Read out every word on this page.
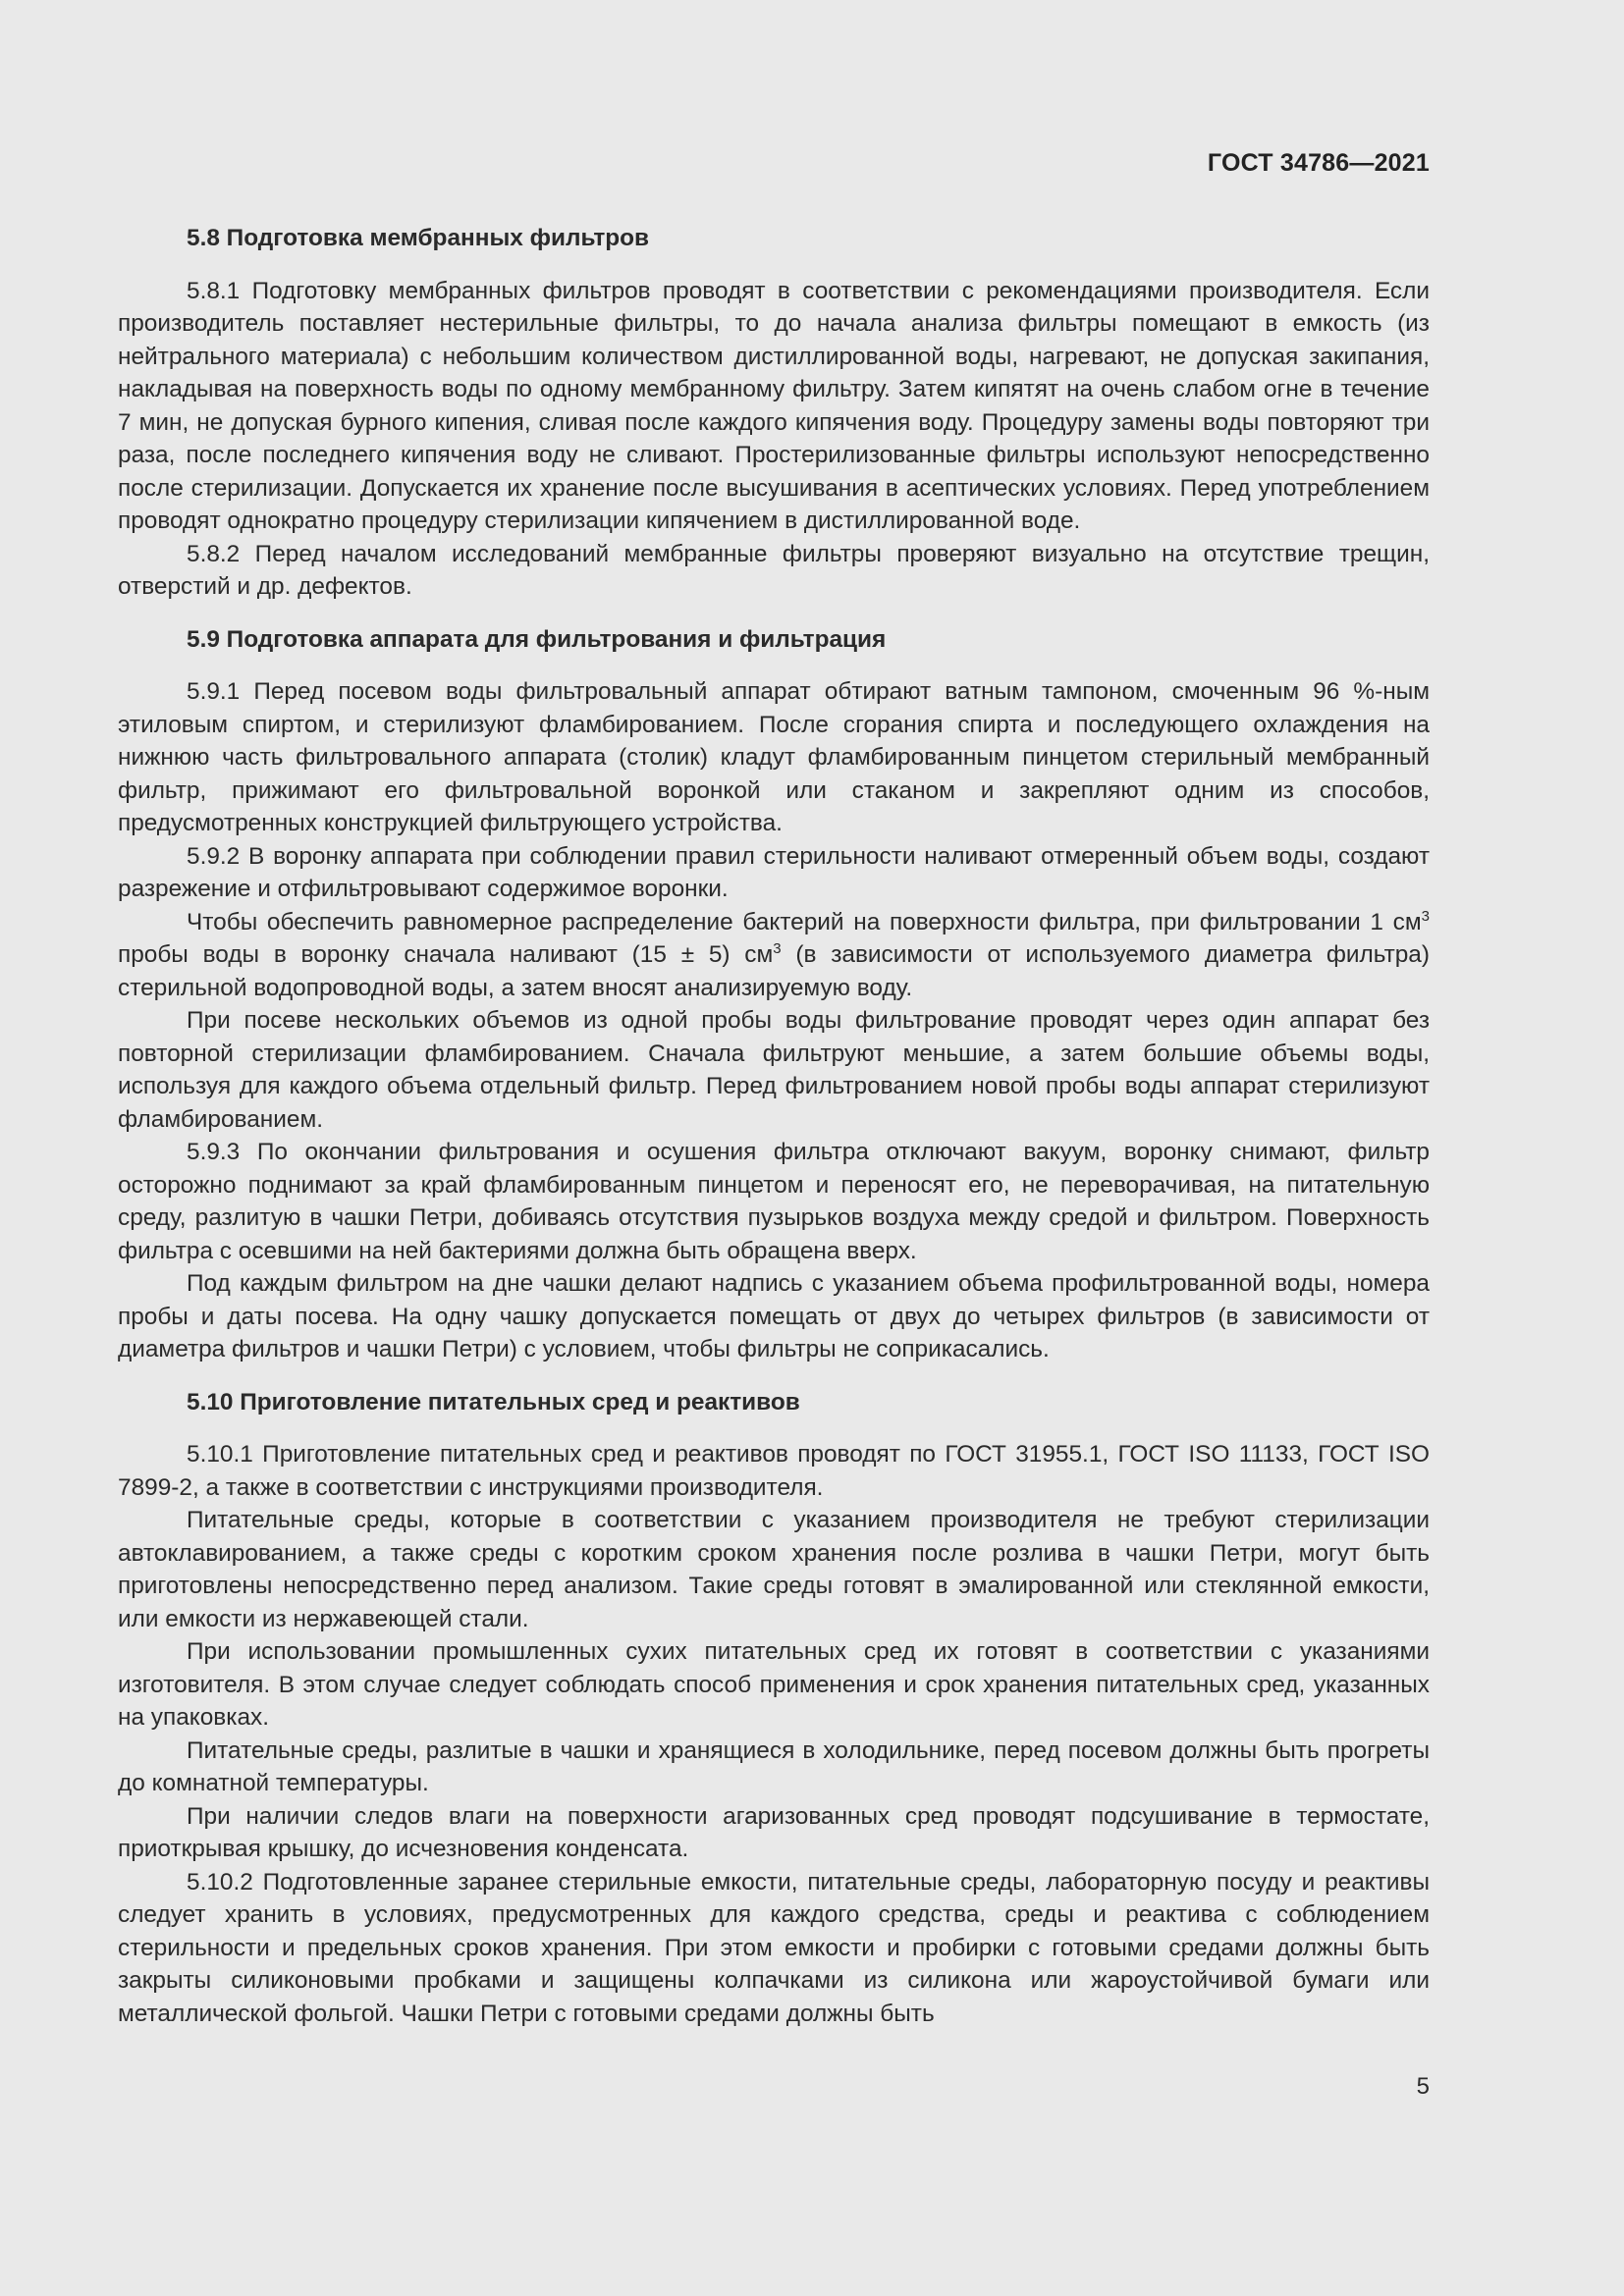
ГОСТ 34786—2021
5.8 Подготовка мембранных фильтров

5.8.1 Подготовку мембранных фильтров проводят в соответствии с рекомендациями производителя. Если производитель поставляет нестерильные фильтры, то до начала анализа фильтры помещают в емкость (из нейтрального материала) с небольшим количеством дистиллированной воды, нагревают, не допуская закипания, накладывая на поверхность воды по одному мембранному фильтру. Затем кипятят на очень слабом огне в течение 7 мин, не допуская бурного кипения, сливая после каждого кипячения воду. Процедуру замены воды повторяют три раза, после последнего кипячения воду не сливают. Простерилизованные фильтры используют непосредственно после стерилизации. Допускается их хранение после высушивания в асептических условиях. Перед употреблением проводят однократно процедуру стерилизации кипячением в дистиллированной воде.

5.8.2 Перед началом исследований мембранные фильтры проверяют визуально на отсутствие трещин, отверстий и др. дефектов.

5.9 Подготовка аппарата для фильтрования и фильтрация

5.9.1 Перед посевом воды фильтровальный аппарат обтирают ватным тампоном, смоченным 96 %-ным этиловым спиртом, и стерилизуют фламбированием. После сгорания спирта и последующего охлаждения на нижнюю часть фильтровального аппарата (столик) кладут фламбированным пинцетом стерильный мембранный фильтр, прижимают его фильтровальной воронкой или стаканом и закрепляют одним из способов, предусмотренных конструкцией фильтрующего устройства.

5.9.2 В воронку аппарата при соблюдении правил стерильности наливают отмеренный объем воды, создают разрежение и отфильтровывают содержимое воронки.

Чтобы обеспечить равномерное распределение бактерий на поверхности фильтра, при фильтровании 1 $см^3$ пробы воды в воронку сначала наливают (15 ± 5) $см^3$ (в зависимости от используемого диаметра фильтра) стерильной водопроводной воды, а затем вносят анализируемую воду.

При посеве нескольких объемов из одной пробы воды фильтрование проводят через один аппарат без повторной стерилизации фламбированием. Сначала фильтруют меньшие, а затем большие объемы воды, используя для каждого объема отдельный фильтр. Перед фильтрованием новой пробы воды аппарат стерилизуют фламбированием.

5.9.3 По окончании фильтрования и осушения фильтра отключают вакуум, воронку снимают, фильтр осторожно поднимают за край фламбированным пинцетом и переносят его, не переворачивая, на питательную среду, разлитую в чашки Петри, добиваясь отсутствия пузырьков воздуха между средой и фильтром. Поверхность фильтра с осевшими на ней бактериями должна быть обращена вверх.

Под каждым фильтром на дне чашки делают надпись с указанием объема профильтрованной воды, номера пробы и даты посева. На одну чашку допускается помещать от двух до четырех фильтров (в зависимости от диаметра фильтров и чашки Петри) с условием, чтобы фильтры не соприкасались.

5.10 Приготовление питательных сред и реактивов

5.10.1 Приготовление питательных сред и реактивов проводят по ГОСТ 31955.1, ГОСТ ISO 11133, ГОСТ ISO 7899-2, а также в соответствии с инструкциями производителя.

Питательные среды, которые в соответствии с указанием производителя не требуют стерилизации автоклавированием, а также среды с коротким сроком хранения после розлива в чашки Петри, могут быть приготовлены непосредственно перед анализом. Такие среды готовят в эмалированной или стеклянной емкости, или емкости из нержавеющей стали.

При использовании промышленных сухих питательных сред их готовят в соответствии с указаниями изготовителя. В этом случае следует соблюдать способ применения и срок хранения питательных сред, указанных на упаковках.

Питательные среды, разлитые в чашки и хранящиеся в холодильнике, перед посевом должны быть прогреты до комнатной температуры.

При наличии следов влаги на поверхности агаризованных сред проводят подсушивание в термостате, приоткрывая крышку, до исчезновения конденсата.

5.10.2 Подготовленные заранее стерильные емкости, питательные среды, лабораторную посуду и реактивы следует хранить в условиях, предусмотренных для каждого средства, среды и реактива с соблюдением стерильности и предельных сроков хранения. При этом емкости и пробирки с готовыми средами должны быть закрыты силиконовыми пробками и защищены колпачками из силикона или жароустойчивой бумаги или металлической фольгой. Чашки Петри с готовыми средами должны быть

5
